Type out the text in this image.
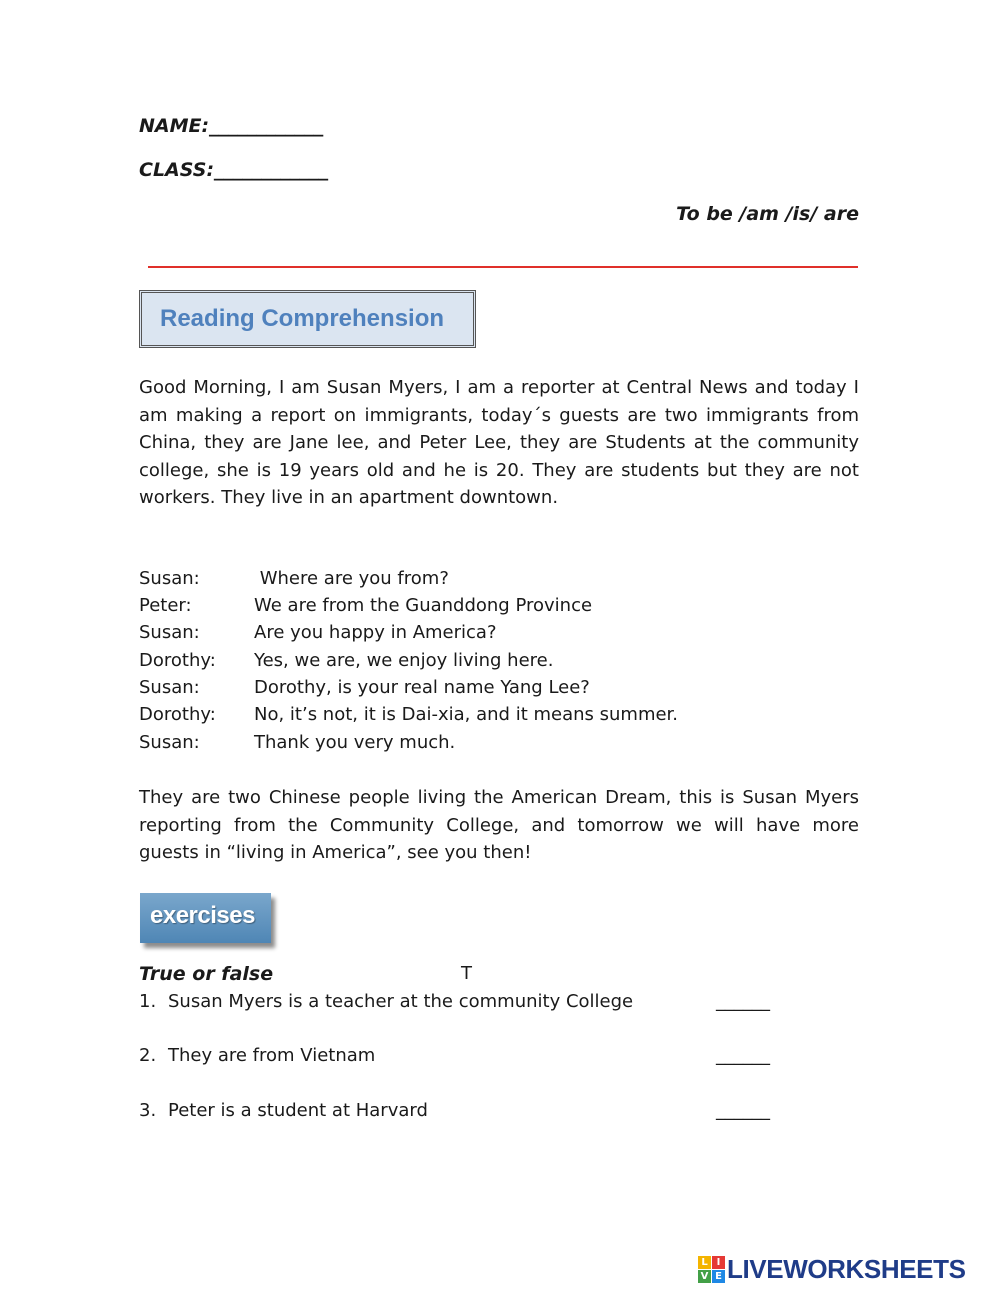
NAME:____________
CLASS:____________
To be /am /is/ are
Reading Comprehension
Good Morning, I am Susan Myers, I am a reporter at Central News and today I am making a report on immigrants, today´s guests are two immigrants from China, they are Jane lee, and Peter Lee, they are Students at the community college, she is 19 years old and he is 20. They are students but they are not workers. They live in an apartment downtown.
Susan:	Where are you from?
Peter:	We are from the Guanddong Province
Susan:	Are you happy in America?
Dorothy: Yes, we are, we enjoy living here.
Susan:	Dorothy, is your real name Yang Lee?
Dorothy: No, it’s not, it is Dai-xia, and it means summer.
Susan:	Thank you very much.
They are two Chinese people living the American Dream, this is Susan Myers reporting from the Community College, and tomorrow we will have more guests in “living in America”, see you then!
exercises
True or false	T
1. Susan Myers is a teacher at the community College	______
2. They are from Vietnam	______
3. Peter is a student at Harvard	______
L I
V E LIVEWORKSHEETS
